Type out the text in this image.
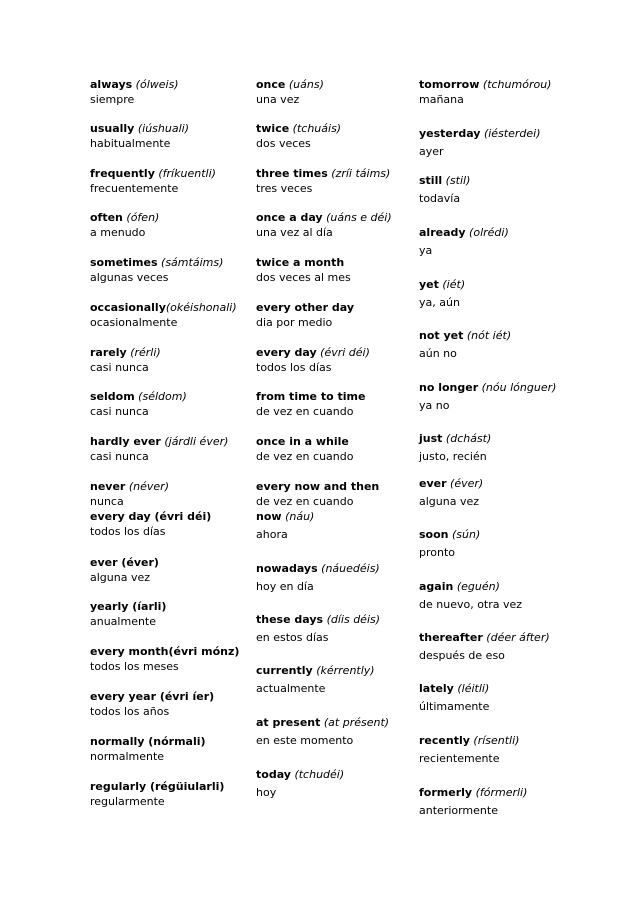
always (ólweis)
siempre
usually (iúshuali)
habitualmente
frequently (fríkuentli)
frecuentemente
often (ófen)
a menudo
sometimes (sámtáims)
algunas veces
occasionally(okéishonali)
ocasionalmente
rarely (rérli)
casi nunca
seldom (séldom)
casi nunca
hardly ever (járdli éver)
casi nunca
never (néver)
nunca
every day (évri déi)
todos los días
ever (éver)
alguna vez
yearly (íarli)
anualmente
every month(évri mónz)
todos los meses
every year (évri íer)
todos los años
normally (nórmali)
normalmente
regularly (régüiularli)
regularmente
once (uáns)
una vez
twice (tchuáis)
dos veces
three times (zríi táims)
tres veces
once a day (uáns e déi)
una vez al día
twice a month
dos veces al mes
every other day
dia por medio
every day (évri déi)
todos los días
from time to time
de vez en cuando
once in a while
de vez en cuando
every now and then
de vez en cuando
now (náu)
ahora
nowadays (náuedéis)
hoy en día
these days (díis déis)
en estos días
currently (kérrently)
actualmente
at present (at présent)
en este momento
today (tchudéi)
hoy
tomorrow (tchumórou)
mañana
yesterday (iésterdei)
ayer
still (stil)
todavía
already (olrédi)
ya
yet (iét)
ya, aún
not yet (nót iét)
aún no
no longer (nóu lónguer)
ya no
just (dchást)
justo, recién
ever (éver)
alguna vez
soon (sún)
pronto
again (eguén)
de nuevo, otra vez
thereafter (déer áfter)
después de eso
lately (léitli)
últimamente
recently (rísentli)
recientemente
formerly (fórmerli)
anteriormente
